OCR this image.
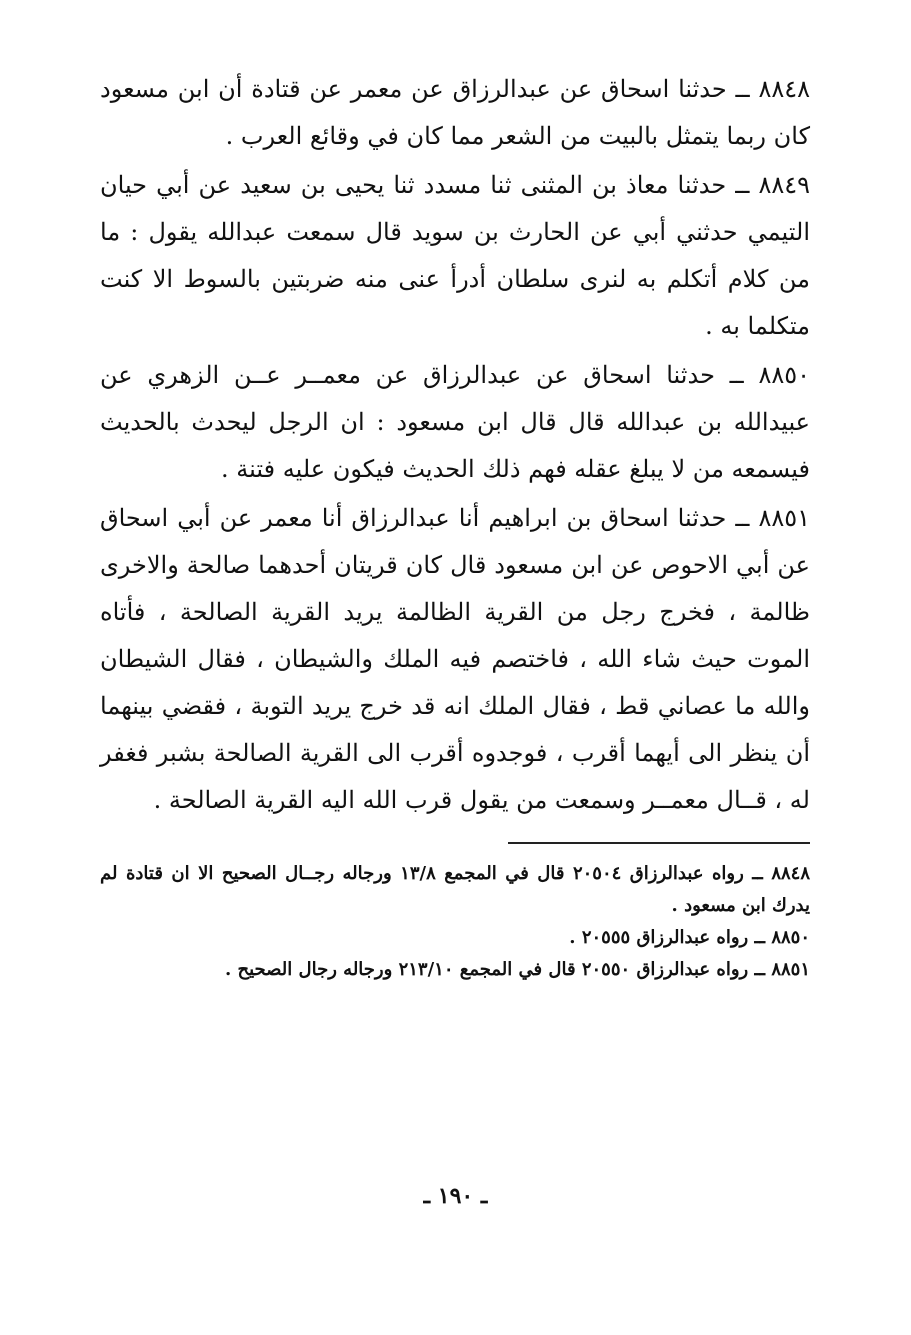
٨٨٤٨ ــ حدثنا اسحاق عن عبدالرزاق عن معمر عن قتادة أن ابن مسعود كان ربما يتمثل بالبيت من الشعر مما كان في وقائع العرب .

٨٨٤٩ ــ حدثنا معاذ بن المثنى ثنا مسدد ثنا يحيى بن سعيد عن أبي حيان التيمي حدثني أبي عن الحارث بن سويد قال سمعت عبدالله يقول : ما من كلام أتكلم به لنرى سلطان أدرأ عنى منه ضربتين بالسوط الا كنت متكلما به .

٨٨٥٠ ــ حدثنا اسحاق عن عبدالرزاق عن معمــر عــن الزهري عن عبيدالله بن عبدالله قال قال ابن مسعود : ان الرجل ليحدث بالحديث فيسمعه من لا يبلغ عقله فهم ذلك الحديث فيكون عليه فتنة .

٨٨٥١ ــ حدثنا اسحاق بن ابراهيم أنا عبدالرزاق أنا معمر عن أبي اسحاق عن أبي الاحوص عن ابن مسعود قال كان قريتان أحدهما صالحة والاخرى ظالمة ، فخرج رجل من القرية الظالمة يريد القرية الصالحة ، فأتاه الموت حيث شاء الله ، فاختصم فيه الملك والشيطان ، فقال الشيطان والله ما عصاني قط ، فقال الملك انه قد خرج يريد التوبة ، فقضي بينهما أن ينظر الى أيهما أقرب ، فوجدوه أقرب الى القرية الصالحة بشبر فغفر له ، قــال معمــر وسمعت من يقول قرب الله اليه القرية الصالحة .

٨٨٤٨ ــ رواه عبدالرزاق ٢٠٥٠٤ قال في المجمع ١٣/٨ ورجاله رجــال الصحيح الا ان قتادة لم يدرك ابن مسعود .

٨٨٥٠ ــ رواه عبدالرزاق ٢٠٥٥٥ .

٨٨٥١ ــ رواه عبدالرزاق ٢٠٥٥٠ قال في المجمع ٢١٣/١٠ ورجاله رجال الصحيح .

ـ ١٩٠ ـ
